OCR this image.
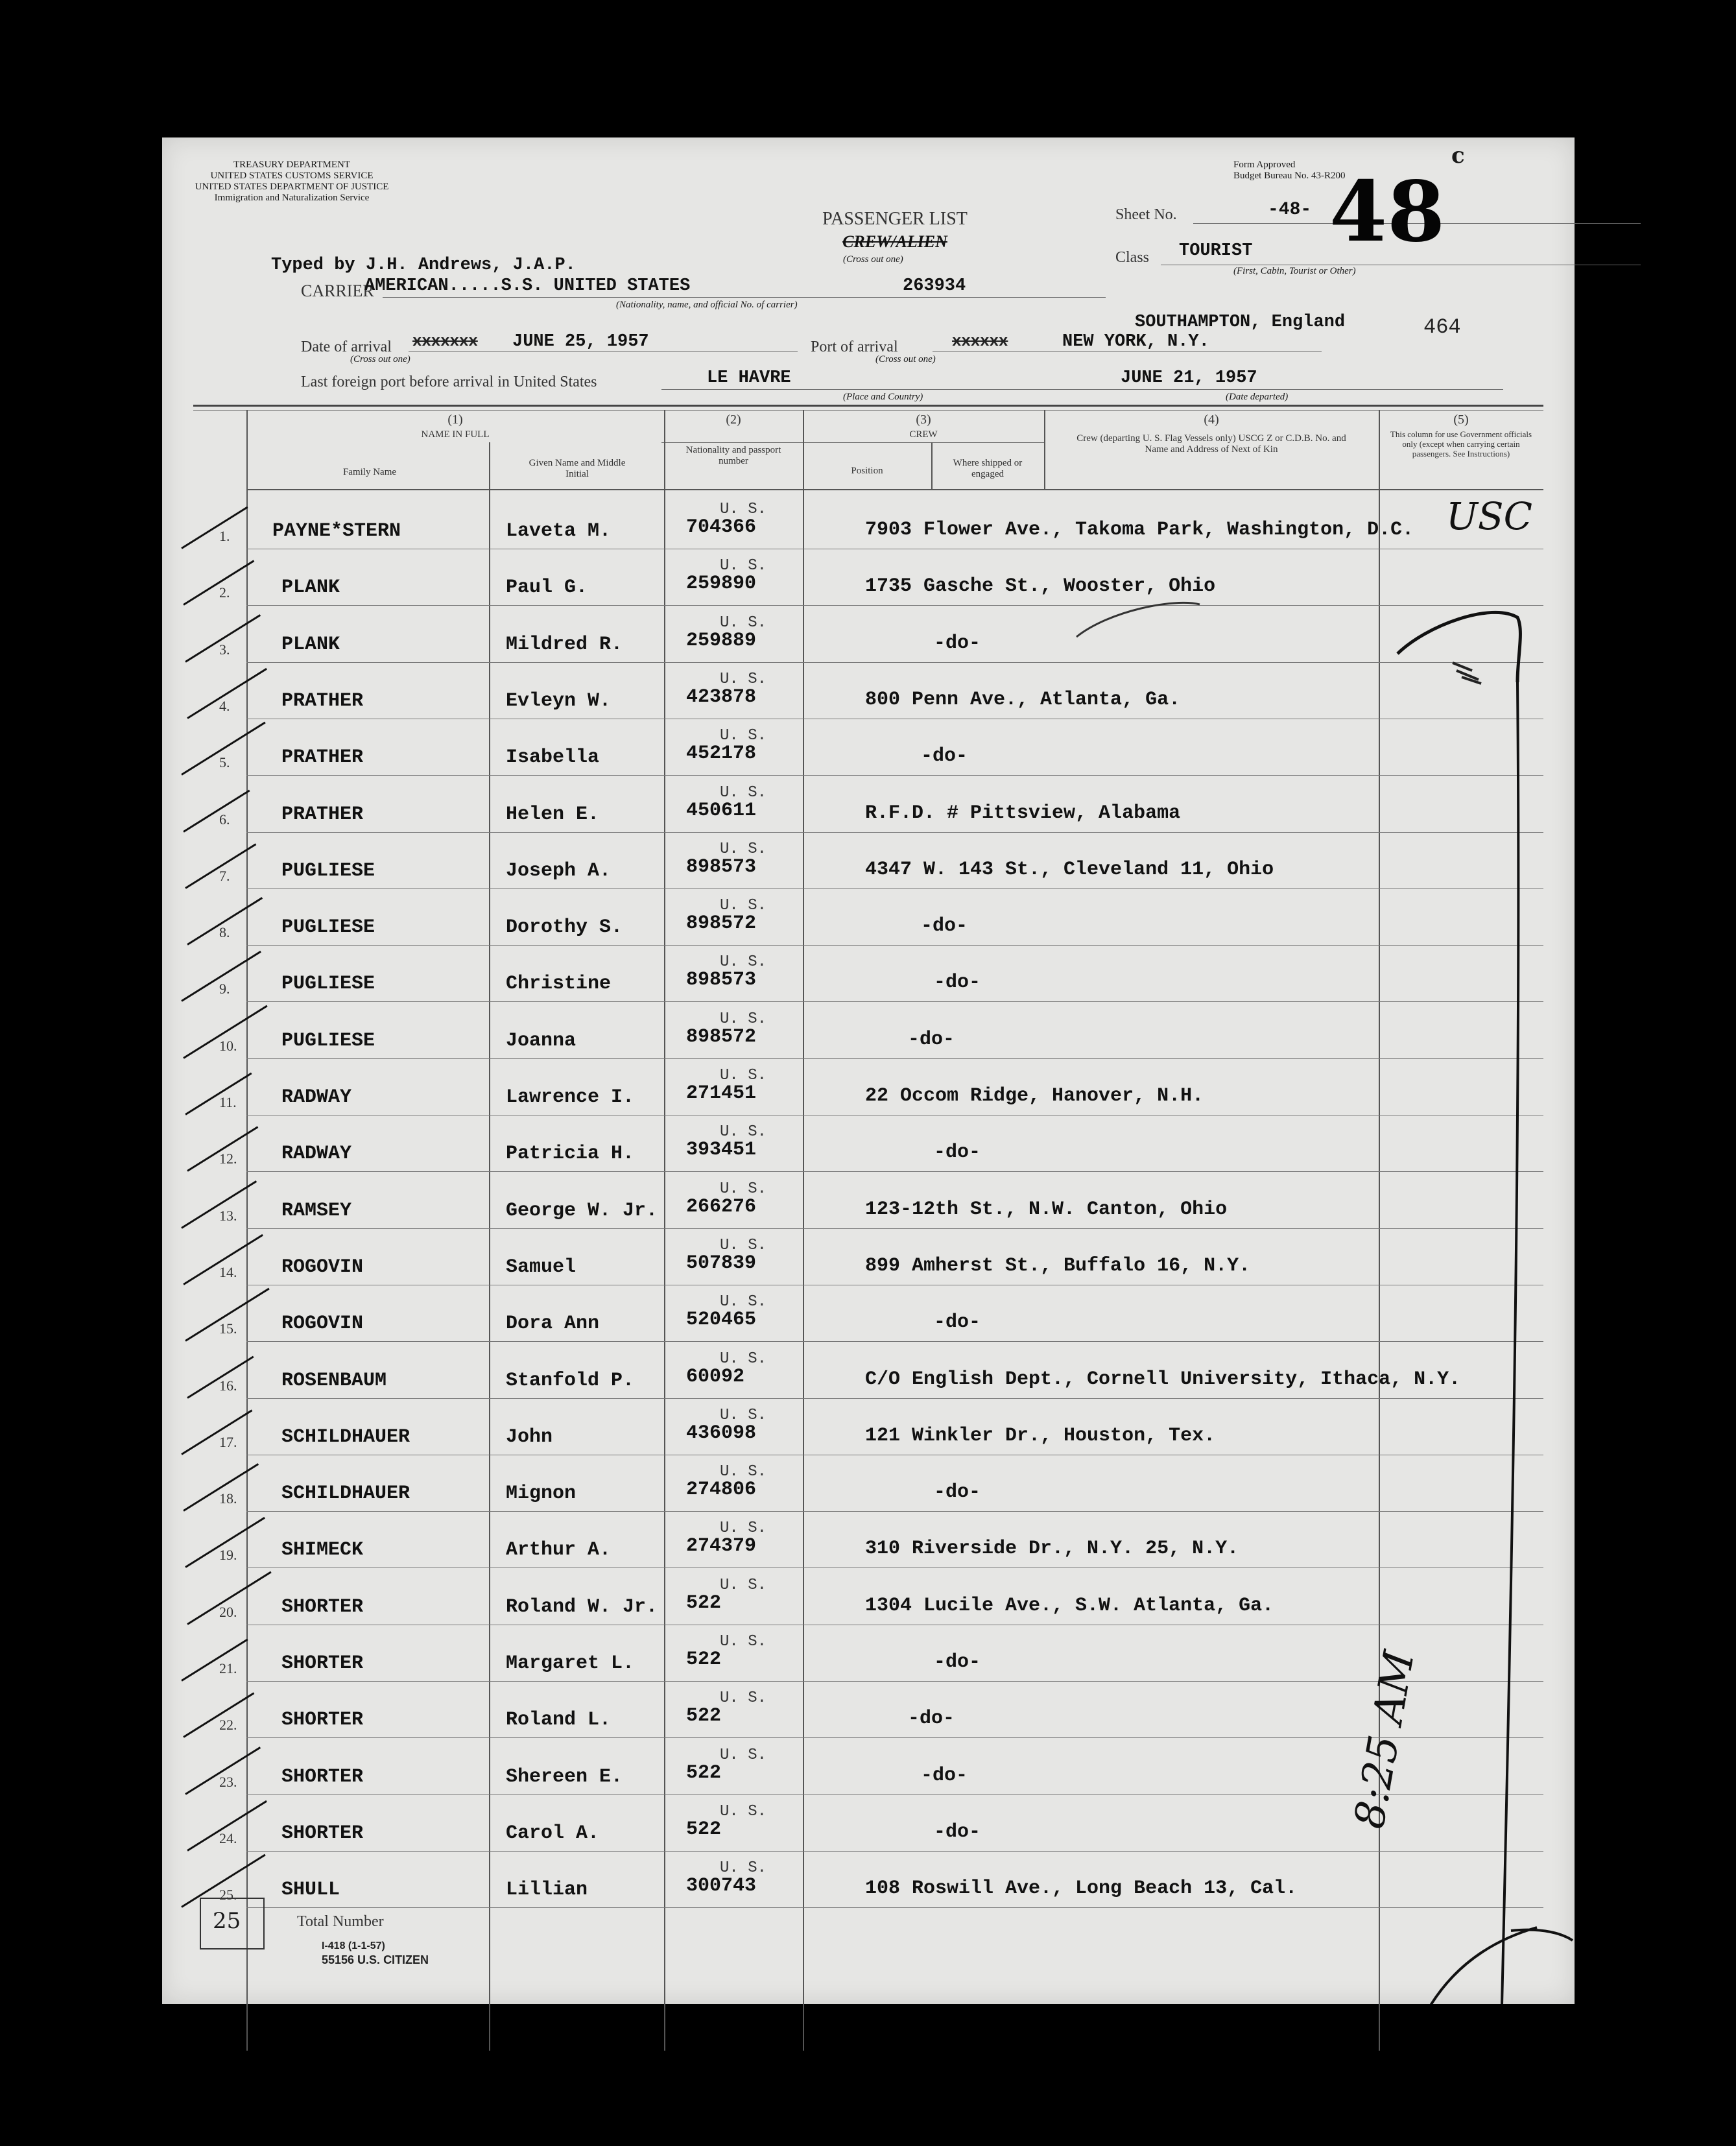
TREASURY DEPARTMENT
UNITED STATES CUSTOMS SERVICE
UNITED STATES DEPARTMENT OF JUSTICE
Immigration and Naturalization Service
Form Approved
Budget Bureau No. 43-R200
PASSENGER LIST
CREW/ALIEN
(Cross out one)
Sheet No.	-48- 48
c
Class TOURIST
(First, Cabin, Tourist or Other)
Typed by J.H. Andrews, J.A.P.
CARRIER
AMERICAN.....S.S. UNITED STATES	263934
(Nationality, name, and official No. of carrier)
SOUTHAMPTON, England	464
Date of arrival xxxxxxx JUNE 25, 1957
(Cross out one)
Port of arrival	xxxxxx	NEW YORK, N.Y.
(Cross out one)
Last foreign port before arrival in United States	LE HAVRE
(Place and Country)
JUNE 21, 1957
(Date departed)
(1)
NAME IN FULL
Family Name
Given Name and Middle Initial
(2)
Nationality and passport number
(3)
CREW
Position
Where shipped or engaged
(4)
Crew (departing U. S. Flag Vessels only) USCG Z or C.D.B. No. and Name and Address of Next of Kin
(5)
This column for use Government officials only (except when carrying certain passengers. See Instructions)
U. S.
1. PAYNE*STERN	Laveta M.	704366	7903 Flower Ave., Takoma Park, Washington, D.C.
U. S.
2.	PLANK	Paul G.	259890	1735 Gasche St., Wooster, Ohio
U. S.
3.	PLANK	Mildred R.	259889	-do-
U. S.
4.	PRATHER	Evleyn W.	423878	800 Penn Ave., Atlanta, Ga.
U. S.
5.	PRATHER	Isabella	452178	-do-
U. S.
6.	PRATHER	Helen E.	450611	R.F.D. # Pittsview, Alabama
U. S.
7.	PUGLIESE	Joseph A.	898573	4347 W. 143 St., Cleveland 11, Ohio
U. S.
8.	PUGLIESE	Dorothy S.	898572	-do-
U. S.
9.	PUGLIESE	Christine	898573	-do-
U. S.
10. PUGLIESE	Joanna	898572	-do-
U. S.
11. RADWAY	Lawrence I.	271451	22 Occom Ridge, Hanover, N.H.
U. S.
12. RADWAY	Patricia H.	393451	-do-
U. S.
13. RAMSEY	George W. Jr. 266276	123-12th St., N.W. Canton, Ohio
U. S.
14. ROGOVIN	Samuel	507839	899 Amherst St., Buffalo 16, N.Y.
U. S.
15. ROGOVIN	Dora Ann	520465	-do-
U. S.
16. ROSENBAUM	Stanfold P.	60092	C/O English Dept., Cornell University, Ithaca, N.Y.
U. S.
17. SCHILDHAUER	John	436098	121 Winkler Dr., Houston, Tex.
U. S.
18. SCHILDHAUER	Mignon	274806	-do-
U. S.
19. SHIMECK	Arthur A.	274379	310 Riverside Dr., N.Y. 25, N.Y.
U. S.
20. SHORTER	Roland W. Jr. 522	1304 Lucile Ave., S.W. Atlanta, Ga.
U. S.
21. SHORTER	Margaret L.	522	-do-
U. S.
22. SHORTER	Roland L.	522	-do-
U. S.
23. SHORTER	Shereen E.	522	-do-
U. S.
24. SHORTER	Carol A.	522	-do-
U. S.
25. SHULL	Lillian	300743	108 Roswill Ave., Long Beach 13, Cal.
USC
25	Total Number
I-418 (1-1-57)
55156 U.S. CITIZEN
8:25 AM
